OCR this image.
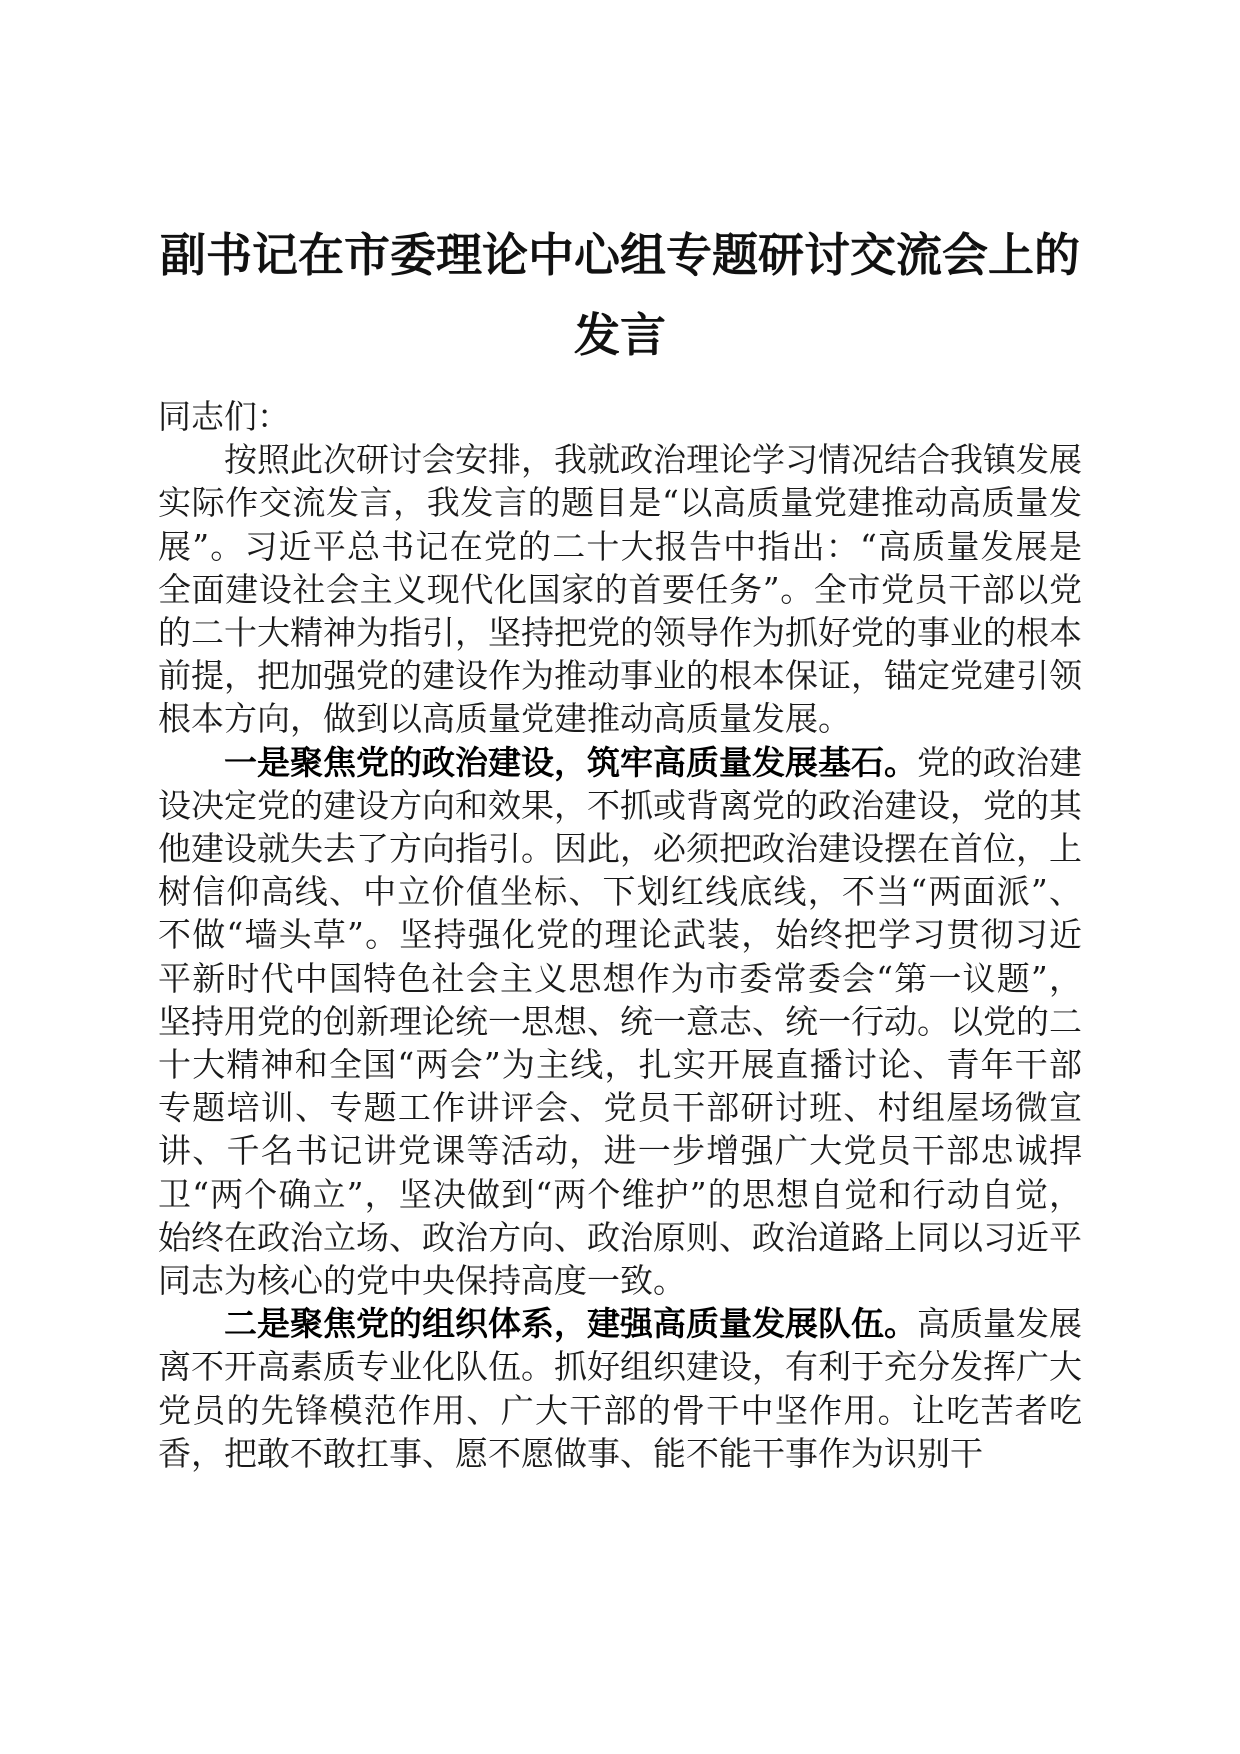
副书记在市委理论中心组专题研讨交流会上的
发言

同志们：

按照此次研讨会安排，我就政治理论学习情况结合我镇发展实际作交流发言，我发言的题目是“以高质量党建推动高质量发展”。习近平总书记在党的二十大报告中指出：“高质量发展是全面建设社会主义现代化国家的首要任务”。全市党员干部以党的二十大精神为指引，坚持把党的领导作为抓好党的事业的根本前提，把加强党的建设作为推动事业的根本保证，锚定党建引领根本方向，做到以高质量党建推动高质量发展。

一是聚焦党的政治建设，筑牢高质量发展基石。党的政治建设决定党的建设方向和效果，不抓或背离党的政治建设，党的其他建设就失去了方向指引。因此，必须把政治建设摆在首位，上树信仰高线、中立价值坐标、下划红线底线，不当“两面派”、不做“墙头草”。坚持强化党的理论武装，始终把学习贯彻习近平新时代中国特色社会主义思想作为市委常委会“第一议题”，坚持用党的创新理论统一思想、统一意志、统一行动。以党的二十大精神和全国“两会”为主线，扎实开展直播讨论、青年干部专题培训、专题工作讲评会、党员干部研讨班、村组屋场微宣讲、千名书记讲党课等活动，进一步增强广大党员干部忠诚捍卫“两个确立”，坚决做到“两个维护”的思想自觉和行动自觉，始终在政治立场、政治方向、政治原则、政治道路上同以习近平同志为核心的党中央保持高度一致。

二是聚焦党的组织体系，建强高质量发展队伍。高质量发展离不开高素质专业化队伍。抓好组织建设，有利于充分发挥广大党员的先锋模范作用、广大干部的骨干中坚作用。让吃苦者吃香，把敢不敢扛事、愿不愿做事、能不能干事作为识别干
